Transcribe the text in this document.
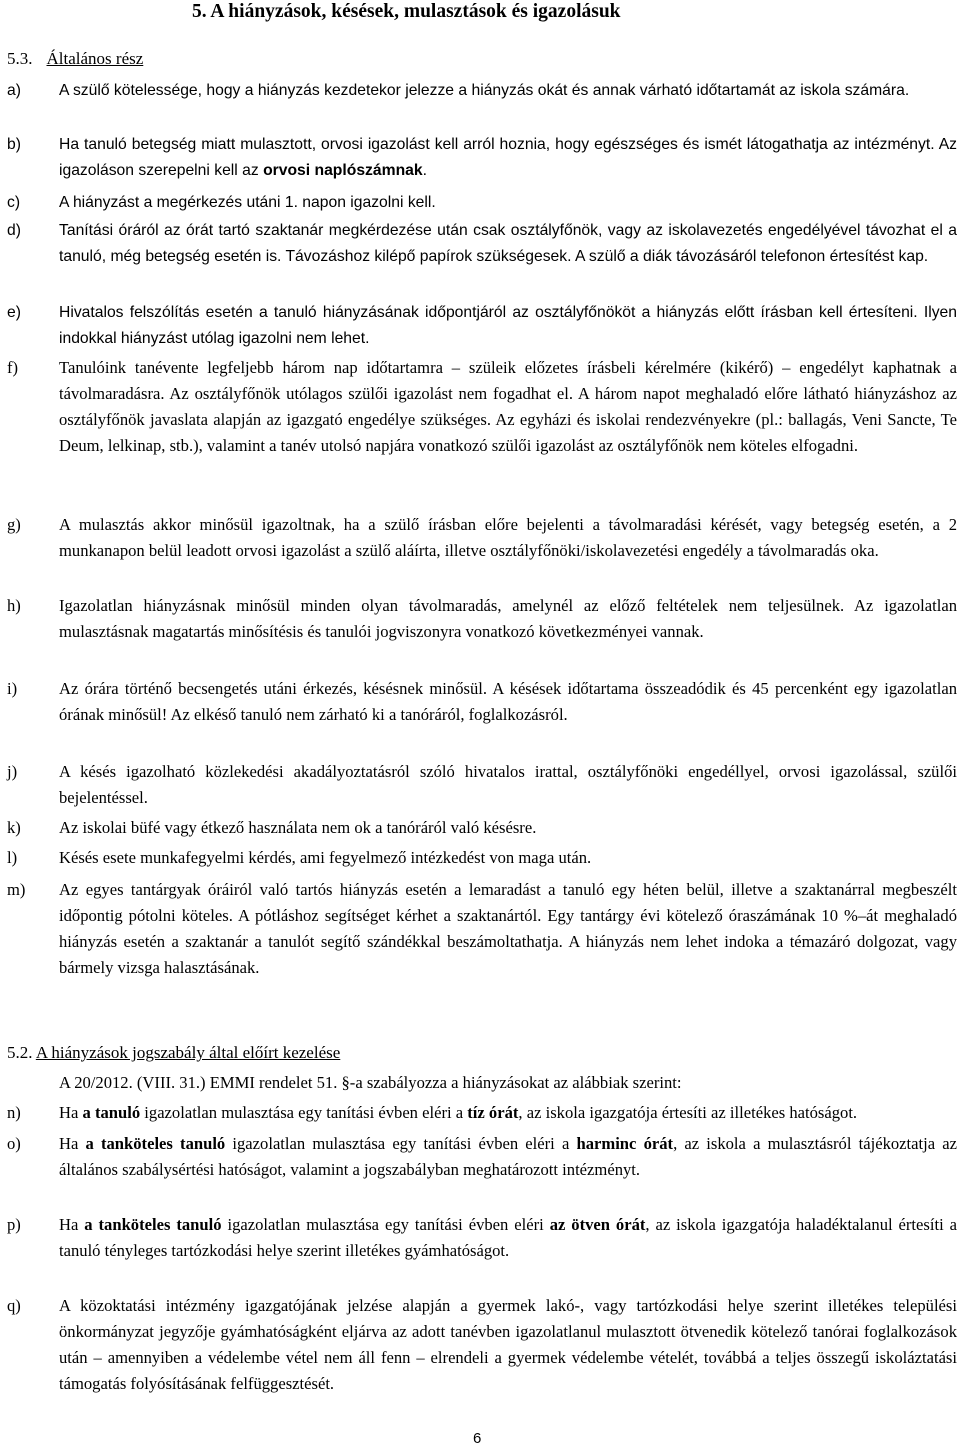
5. A hiányzások, késések, mulasztások és igazolásuk
5.3. Általános rész
a)	A szülő kötelessége, hogy a hiányzás kezdetekor jelezze a hiányzás okát és annak várható időtartamát az iskola számára.
b)	Ha tanuló betegség miatt mulasztott, orvosi igazolást kell arról hoznia, hogy egészséges és ismét látogathatja az intézményt. Az igazoláson szerepelni kell az orvosi naplószámnak.
c)	A hiányzást a megérkezés utáni 1. napon igazolni kell.
d)	Tanítási óráról az órát tartó szaktanár megkérdezése után csak osztályfőnök, vagy az iskolavezetés engedélyével távozhat el a tanuló, még betegség esetén is. Távozáshoz kilépő papírok szükségesek. A szülő a diák távozásáról telefonon értesítést kap.
e)	Hivatalos felszólítás esetén a tanuló hiányzásának időpontjáról az osztályfőnököt a hiányzás előtt írásban kell értesíteni. Ilyen indokkal hiányzást utólag igazolni nem lehet.
f)	Tanulóink tanévente legfeljebb három nap időtartamra – szüleik előzetes írásbeli kérelmére (kikérő) – engedélyt kaphatnak a távolmaradásra. Az osztályfőnök utólagos szülői igazolást nem fogadhat el. A három napot meghaladó előre látható hiányzáshoz az osztályfőnök javaslata alapján az igazgató engedélye szükséges. Az egyházi és iskolai rendezvényekre (pl.: ballagás, Veni Sancte, Te Deum, lelkinap, stb.), valamint a tanév utolsó napjára vonatkozó szülői igazolást az osztályfőnök nem köteles elfogadni.
g)	A mulasztás akkor minősül igazoltnak, ha a szülő írásban előre bejelenti a távolmaradási kérését, vagy betegség esetén, a 2 munkanapon belül leadott orvosi igazolást a szülő aláírta, illetve osztályfőnöki/iskolavezetési engedély a távolmaradás oka.
h)	Igazolatlan hiányzásnak minősül minden olyan távolmaradás, amelynél az előző feltételek nem teljesülnek. Az igazolatlan mulasztásnak magatartás minősítésis és tanulói jogviszonyra vonatkozó következményei vannak.
i)	Az órára történő becsengetés utáni érkezés, késésnek minősül. A késések időtartama összeadódik és 45 percenként egy igazolatlan órának minősül! Az elkéső tanuló nem zárható ki a tanóráról, foglalkozásról.
j)	A késés igazolható közlekedési akadályoztatásról szóló hivatalos irattal, osztályfőnöki engedéllyel, orvosi igazolással, szülői bejelentéssel.
k)	Az iskolai büfé vagy étkező használata nem ok a tanóráról való késésre.
l)	Késés esete munkafegyelmi kérdés, ami fegyelmező intézkedést von maga után.
m)	Az egyes tantárgyak óráiról való tartós hiányzás esetén a lemaradást a tanuló egy héten belül, illetve a szaktanárral megbeszélt időpontig pótolni köteles. A pótláshoz segítséget kérhet a szaktanártól. Egy tantárgy évi kötelező óraszámának 10 %–át meghaladó hiányzás esetén a szaktanár a tanulót segítő szándékkal beszámoltathatja. A hiányzás nem lehet indoka a témazáró dolgozat, vagy bármely vizsga halasztásának.
5.2. A hiányzások jogszabály által előírt kezelése
A 20/2012. (VIII. 31.) EMMI rendelet 51. §-a szabályozza a hiányzásokat az alábbiak szerint:
n)	Ha a tanuló igazolatlan mulasztása egy tanítási évben eléri a tíz órát, az iskola igazgatója értesíti az illetékes hatóságot.
o)	Ha a tanköteles tanuló igazolatlan mulasztása egy tanítási évben eléri a harminc órát, az iskola a mulasztásról tájékoztatja az általános szabálysértési hatóságot, valamint a jogszabályban meghatározott intézményt.
p)	Ha a tanköteles tanuló igazolatlan mulasztása egy tanítási évben eléri az ötven órát, az iskola igazgatója haladéktalanul értesíti a tanuló tényleges tartózkodási helye szerint illetékes gyámhatóságot.
q)	A közoktatási intézmény igazgatójának jelzése alapján a gyermek lakó-, vagy tartózkodási helye szerint illetékes települési önkormányzat jegyzője gyámhatóságként eljárva az adott tanévben igazolatlanul mulasztott ötvenedik kötelező tanórai foglalkozások után – amennyiben a védelembe vétel nem áll fenn – elrendeli a gyermek védelembe vételét, továbbá a teljes összegű iskoláztatási támogatás folyósításának felfüggesztését.
6
